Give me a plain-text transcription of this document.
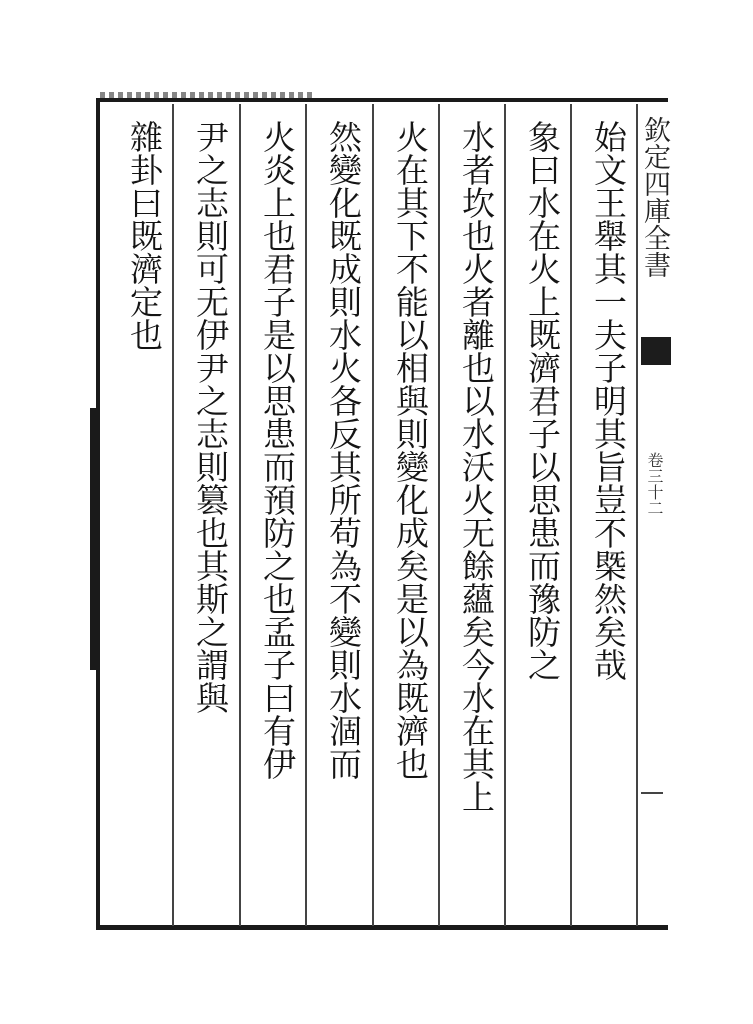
始文王舉其一夫子明其旨豈不槩然矣哉
象曰水在火上既濟君子以思患而豫防之
水者坎也火者離也以水沃火无餘蘊矣今水在其上
火在其下不能以相與則變化成矣是以為既濟也
然變化既成則水火各反其所苟為不變則水涸而
火炎上也君子是以思患而預防之也孟子曰有伊
尹之志則可无伊尹之志則篡也其斯之謂與
雜卦曰既濟定也	欽定四庫全書
卷三十二
